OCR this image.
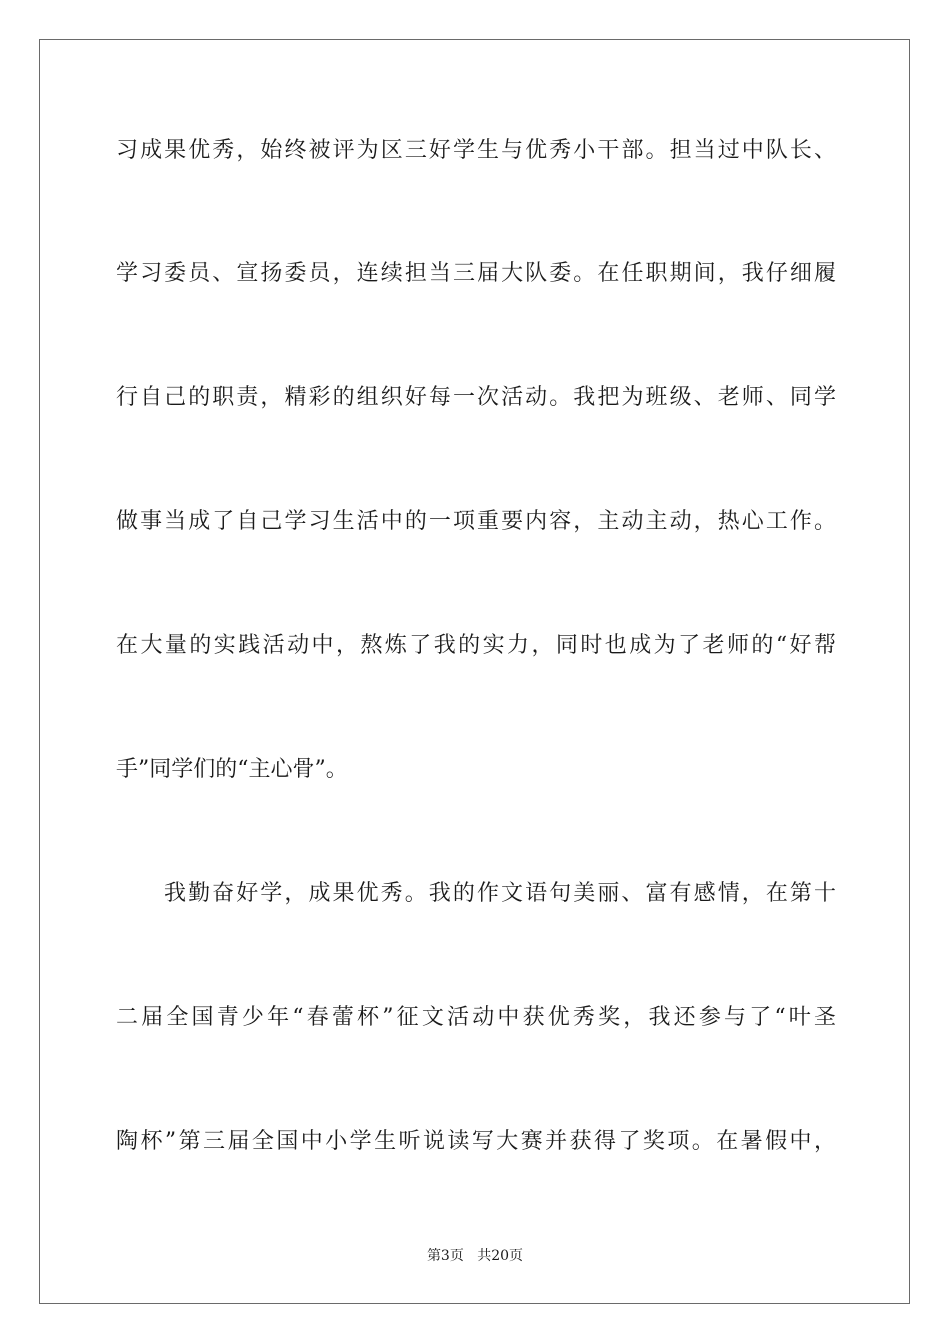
习成果优秀，始终被评为区三好学生与优秀小干部。担当过中队长、
学习委员、宣扬委员，连续担当三届大队委。在任职期间，我仔细履
行自己的职责，精彩的组织好每一次活动。我把为班级、老师、同学
做事当成了自己学习生活中的一项重要内容，主动主动，热心工作。
在大量的实践活动中，熬炼了我的实力，同时也成为了老师的“好帮
手”同学们的“主心骨”。
我勤奋好学，成果优秀。我的作文语句美丽、富有感情，在第十
二届全国青少年“春蕾杯”征文活动中获优秀奖，我还参与了“叶圣
陶杯”第三届全国中小学生听说读写大赛并获得了奖项。在暑假中，
第3页 共20页
